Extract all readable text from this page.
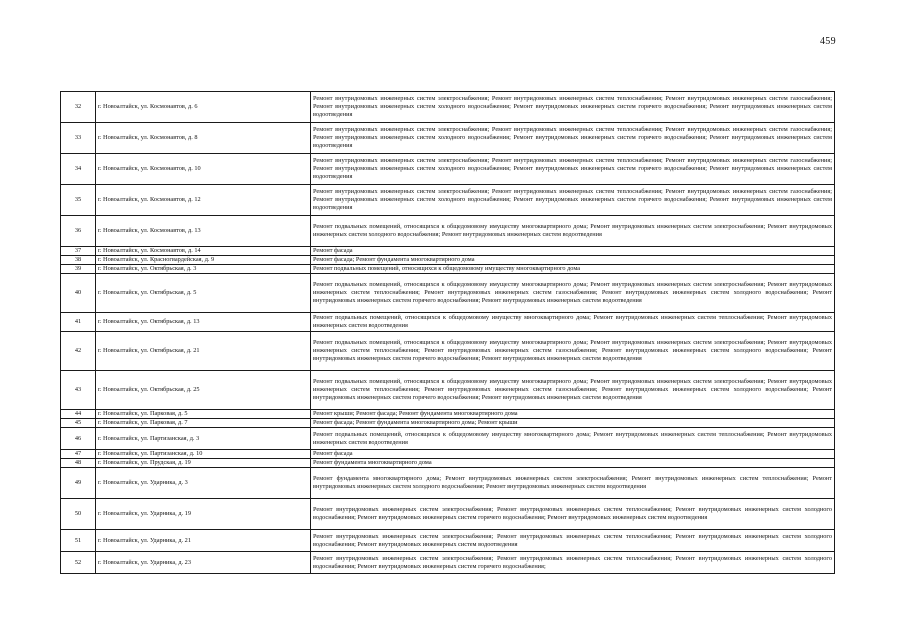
459
32	г. Новоалтайск, ул. Космонавтов, д. 6	Ремонт внутридомовых инженерных систем электроснабжения; Ремонт внутридомовых инженерных систем теплоснабжения; Ремонт внутридомовых инженерных систем газоснабжения; Ремонт внутридомовых инженерных систем холодного водоснабжения; Ремонт внутридомовых инженерных систем горячего водоснабжения; Ремонт внутридомовых инженерных систем водоотведения
33	г. Новоалтайск, ул. Космонавтов, д. 8	Ремонт внутридомовых инженерных систем электроснабжения; Ремонт внутридомовых инженерных систем теплоснабжения; Ремонт внутридомовых инженерных систем газоснабжения; Ремонт внутридомовых инженерных систем холодного водоснабжения; Ремонт внутридомовых инженерных систем горячего водоснабжения; Ремонт внутридомовых инженерных систем водоотведения
34	г. Новоалтайск, ул. Космонавтов, д. 10	Ремонт внутридомовых инженерных систем электроснабжения; Ремонт внутридомовых инженерных систем теплоснабжения; Ремонт внутридомовых инженерных систем газоснабжения; Ремонт внутридомовых инженерных систем холодного водоснабжения; Ремонт внутридомовых инженерных систем горячего водоснабжения; Ремонт внутридомовых инженерных систем водоотведения
35	г. Новоалтайск, ул. Космонавтов, д. 12	Ремонт внутридомовых инженерных систем электроснабжения; Ремонт внутридомовых инженерных систем теплоснабжения; Ремонт внутридомовых инженерных систем газоснабжения; Ремонт внутридомовых инженерных систем холодного водоснабжения; Ремонт внутридомовых инженерных систем горячего водоснабжения; Ремонт внутридомовых инженерных систем водоотведения
36	г. Новоалтайск, ул. Космонавтов, д. 13	Ремонт подвальных помещений, относящихся к общедомовому имуществу многоквартирного дома; Ремонт внутридомовых инженерных систем электроснабжения; Ремонт внутридомовых инженерных систем холодного водоснабжения; Ремонт внутридомовых инженерных систем водоотведения
37	г. Новоалтайск, ул. Космонавтов, д. 14	Ремонт фасада
38	г. Новоалтайск, ул. Красногвардейская, д. 9	Ремонт фасада; Ремонт фундамента многоквартирного дома
39	г. Новоалтайск, ул. Октябрьская, д. 3	Ремонт подвальных помещений, относящихся к общедомовому имуществу многоквартирного дома
40	г. Новоалтайск, ул. Октябрьская, д. 5	Ремонт подвальных помещений, относящихся к общедомовому имуществу многоквартирного дома; Ремонт внутридомовых инженерных систем электроснабжения; Ремонт внутридомовых инженерных систем теплоснабжения; Ремонт внутридомовых инженерных систем газоснабжения; Ремонт внутридомовых инженерных систем холодного водоснабжения; Ремонт внутридомовых инженерных систем горячего водоснабжения; Ремонт внутридомовых инженерных систем водоотведения
41	г. Новоалтайск, ул. Октябрьская, д. 13	Ремонт подвальных помещений, относящихся к общедомовому имуществу многоквартирного дома; Ремонт внутридомовых инженерных систем теплоснабжения; Ремонт внутридомовых инженерных систем водоотведения
42	г. Новоалтайск, ул. Октябрьская, д. 21	Ремонт подвальных помещений, относящихся к общедомовому имуществу многоквартирного дома; Ремонт внутридомовых инженерных систем электроснабжения; Ремонт внутридомовых инженерных систем теплоснабжения; Ремонт внутридомовых инженерных систем газоснабжения; Ремонт внутридомовых инженерных систем холодного водоснабжения; Ремонт внутридомовых инженерных систем горячего водоснабжения; Ремонт внутридомовых инженерных систем водоотведения
43	г. Новоалтайск, ул. Октябрьская, д. 25	Ремонт подвальных помещений, относящихся к общедомовому имуществу многоквартирного дома; Ремонт внутридомовых инженерных систем электроснабжения; Ремонт внутридомовых инженерных систем теплоснабжения; Ремонт внутридомовых инженерных систем газоснабжения; Ремонт внутридомовых инженерных систем холодного водоснабжения; Ремонт внутридомовых инженерных систем горячего водоснабжения; Ремонт внутридомовых инженерных систем водоотведения
44	г. Новоалтайск, ул. Парковая, д. 5	Ремонт крыши; Ремонт фасада; Ремонт фундамента многоквартирного дома
45	г. Новоалтайск, ул. Парковая, д. 7	Ремонт фасада; Ремонт фундамента многоквартирного дома; Ремонт крыши
46	г. Новоалтайск, ул. Партизанская, д. 3	Ремонт подвальных помещений, относящихся к общедомовому имуществу многоквартирного дома; Ремонт внутридомовых инженерных систем теплоснабжения; Ремонт внутридомовых инженерных систем водоотведения
47	г. Новоалтайск, ул. Партизанская, д. 10	Ремонт фасада
48	г. Новоалтайск, ул. Прудская, д. 19	Ремонт фундамента многоквартирного дома
49	г. Новоалтайск, ул. Ударника, д. 3	Ремонт фундамента многоквартирного дома; Ремонт внутридомовых инженерных систем электроснабжения; Ремонт внутридомовых инженерных систем теплоснабжения; Ремонт внутридомовых инженерных систем холодного водоснабжения; Ремонт внутридомовых инженерных систем водоотведения
50	г. Новоалтайск, ул. Ударника, д. 19	Ремонт внутридомовых инженерных систем электроснабжения; Ремонт внутридомовых инженерных систем теплоснабжения; Ремонт внутридомовых инженерных систем холодного водоснабжения; Ремонт внутридомовых инженерных систем горячего водоснабжения; Ремонт внутридомовых инженерных систем водоотведения
51	г. Новоалтайск, ул. Ударника, д. 21	Ремонт внутридомовых инженерных систем электроснабжения; Ремонт внутридомовых инженерных систем теплоснабжения; Ремонт внутридомовых инженерных систем холодного водоснабжения; Ремонт внутридомовых инженерных систем водоотведения
52	г. Новоалтайск, ул. Ударника, д. 23	Ремонт внутридомовых инженерных систем электроснабжения; Ремонт внутридомовых инженерных систем теплоснабжения; Ремонт внутридомовых инженерных систем холодного водоснабжения; Ремонт внутридомовых инженерных систем горячего водоснабжения;
